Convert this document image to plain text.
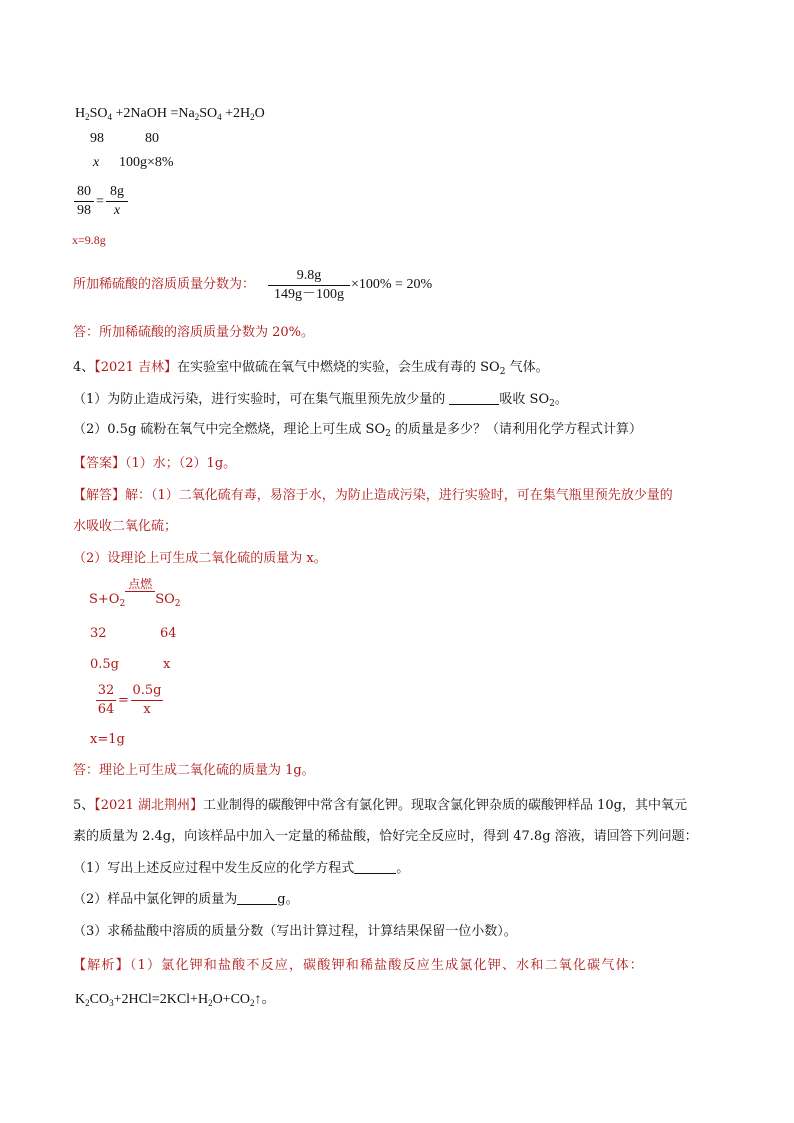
$H_2SO_4$ +2NaOH $=Na_2SO_4 +2H_2O$
98	80
x 100g×8%
$\frac{80}{98} = \frac{8g}{x}$
x=9.8g
所加稀硫酸的溶质质量分数为： $\frac{9.8g}{149g-100g} \times 100\% = 20\%$
答：所加稀硫酸的溶质质量分数为 20%。
4、【2021 吉林】在实验室中做硫在氧气中燃烧的实验，会生成有毒的 $SO_2$ 气体。
（1）为防止造成污染，进行实验时，可在集气瓶里预先放少量的	吸收 $SO_2$。
（2）0.5g 硫粉在氧气中完全燃烧，理论上可生成 $SO_2$ 的质量是多少？（请利用化学方程式计算）
【答案】（1）水；（2）1g。
【解答】解：（1）二氧化硫有毒，易溶于水，为防止造成污染，进行实验时，可在集气瓶里预先放少量的
水吸收二氧化硫；
（2）设理论上可生成二氧化硫的质量为 x。
$S+O_2$
点燃
$SO_2$
32	64
0.5g	x
$\frac{32}{64} = \frac{0.5g}{x}$
x=1g
答：理论上可生成二氧化硫的质量为 1g。
5、【2021 湖北荆州】工业制得的碳酸钾中常含有氯化钾。现取含氯化钾杂质的碳酸钾样品 10g，其中氧元
素的质量为 2.4g，向该样品中加入一定量的稀盐酸，恰好完全反应时，得到 47.8g 溶液，请回答下列问题：
（1）写出上述反应过程中发生反应的化学方程式	。
（2）样品中氯化钾的质量为	g。
（3）求稀盐酸中溶质的质量分数（写出计算过程，计算结果保留一位小数）。
【解析】（1）氯化钾和盐酸不反应，碳酸钾和稀盐酸反应生成氯化钾、水和二氧化碳气体：
$K_2CO_3+2HCl=2KCl+H_2O+CO_2↑$。
